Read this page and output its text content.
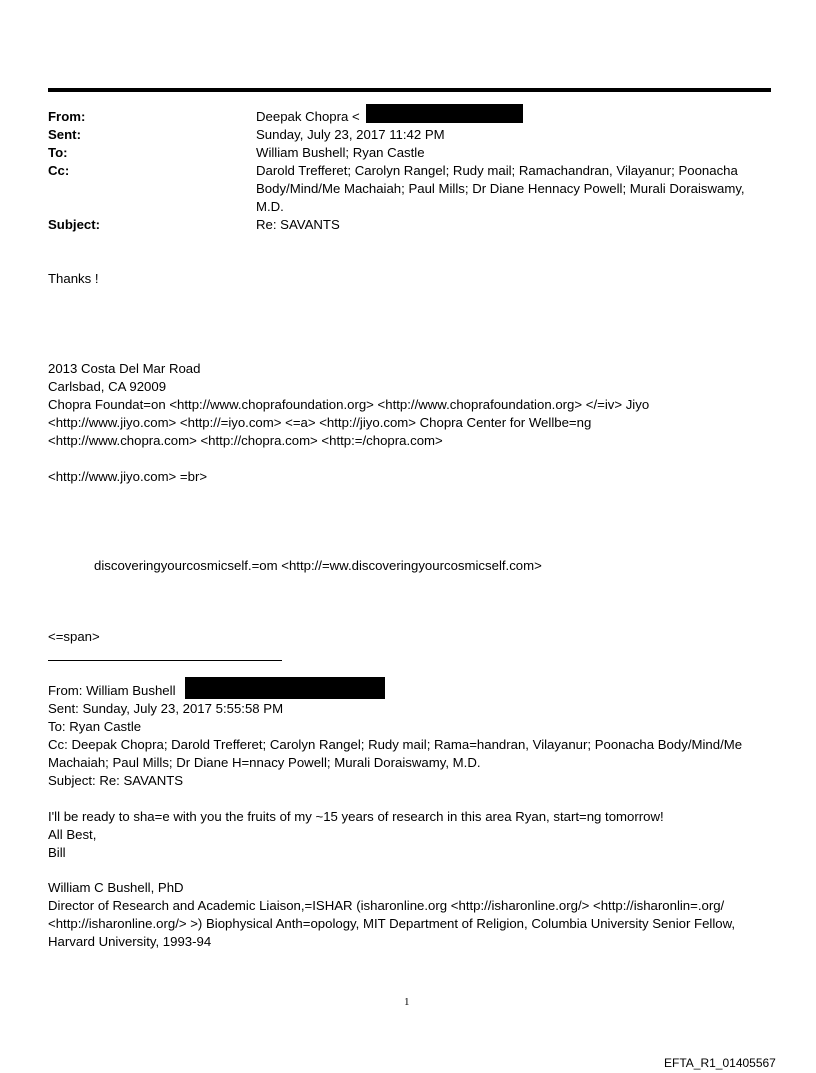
From:	Deepak Chopra <
Sent:	Sunday, July 23, 2017 11:42 PM
To:	William Bushell; Ryan Castle
Cc:	Darold Trefferet; Carolyn Rangel; Rudy mail; Ramachandran, Vilayanur; Poonacha
Body/Mind/Me Machaiah; Paul Mills; Dr Diane Hennacy Powell; Murali Doraiswamy,
M.D.
Subject:	Re: SAVANTS
Thanks !
2013 Costa Del Mar Road
Carlsbad, CA 92009
Chopra Foundat=on <http://www.choprafoundation.org> <http://www.choprafoundation.org> </=iv> Jiyo
<http://www.jiyo.com> <http://=iyo.com> <=a> <http://jiyo.com> Chopra Center for Wellbe=ng
<http://www.chopra.com> <http://chopra.com> <http:=/chopra.com>
<http://www.jiyo.com> =br>
discoveringyourcosmicself.=om <http://=ww.discoveringyourcosmicself.com>
<=span>
From: William Bushell
Sent: Sunday, July 23, 2017 5:55:58 PM
To: Ryan Castle
Cc: Deepak Chopra; Darold Trefferet; Carolyn Rangel; Rudy mail; Rama=handran, Vilayanur; Poonacha Body/Mind/Me
Machaiah; Paul Mills; Dr Diane H=nnacy Powell; Murali Doraiswamy, M.D.
Subject: Re: SAVANTS
I'll be ready to sha=e with you the fruits of my ~15 years of research in this area Ryan, start=ng tomorrow!
All Best,
Bill
William C Bushell, PhD
Director of Research and Academic Liaison,=ISHAR (isharonline.org <http://isharonline.org/> <http://isharonlin=.org/
<http://isharonline.org/> >) Biophysical Anth=opology, MIT Department of Religion, Columbia University Senior Fellow,
Harvard University, 1993-94
1
EFTA_R1_01405567
